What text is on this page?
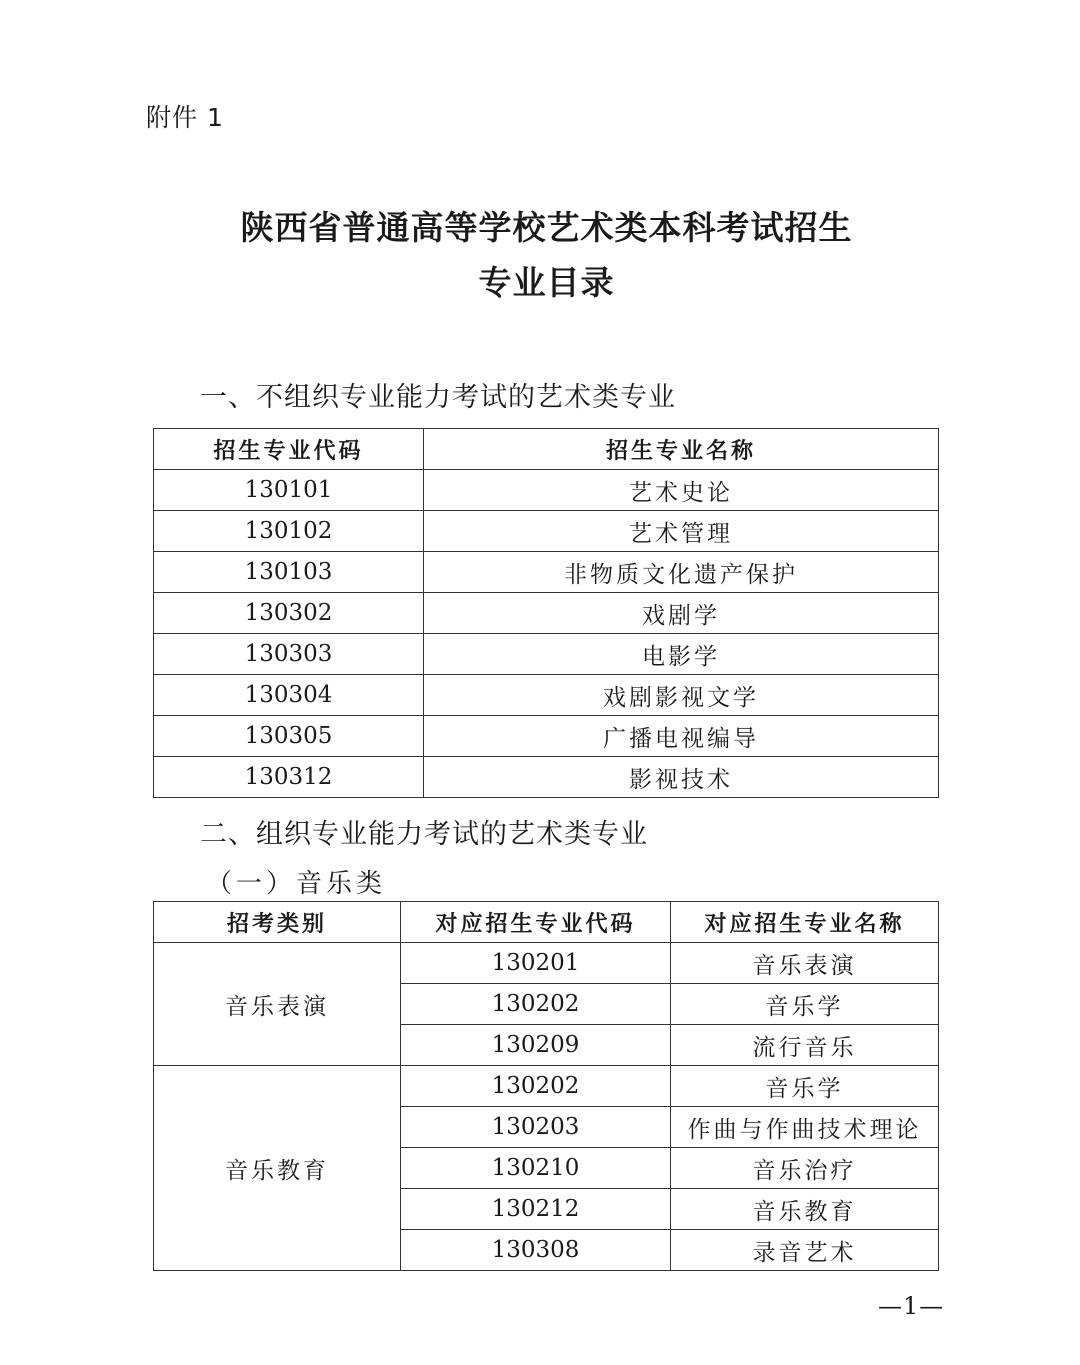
附件 1
陕西省普通高等学校艺术类本科考试招生
专业目录
一、不组织专业能力考试的艺术类专业
招生专业代码	招生专业名称
130101	艺术史论
130102	艺术管理
130103	非物质文化遗产保护
130302	戏剧学
130303	电影学
130304	戏剧影视文学
130305	广播电视编导
130312	影视技术
二、组织专业能力考试的艺术类专业
（一）音乐类
招考类别	对应招生专业代码	对应招生专业名称
音乐表演	130201	音乐表演
	130202	音乐学
	130209	流行音乐
音乐教育	130202	音乐学
	130203	作曲与作曲技术理论
	130210	音乐治疗
	130212	音乐教育
	130308	录音艺术
—1—
